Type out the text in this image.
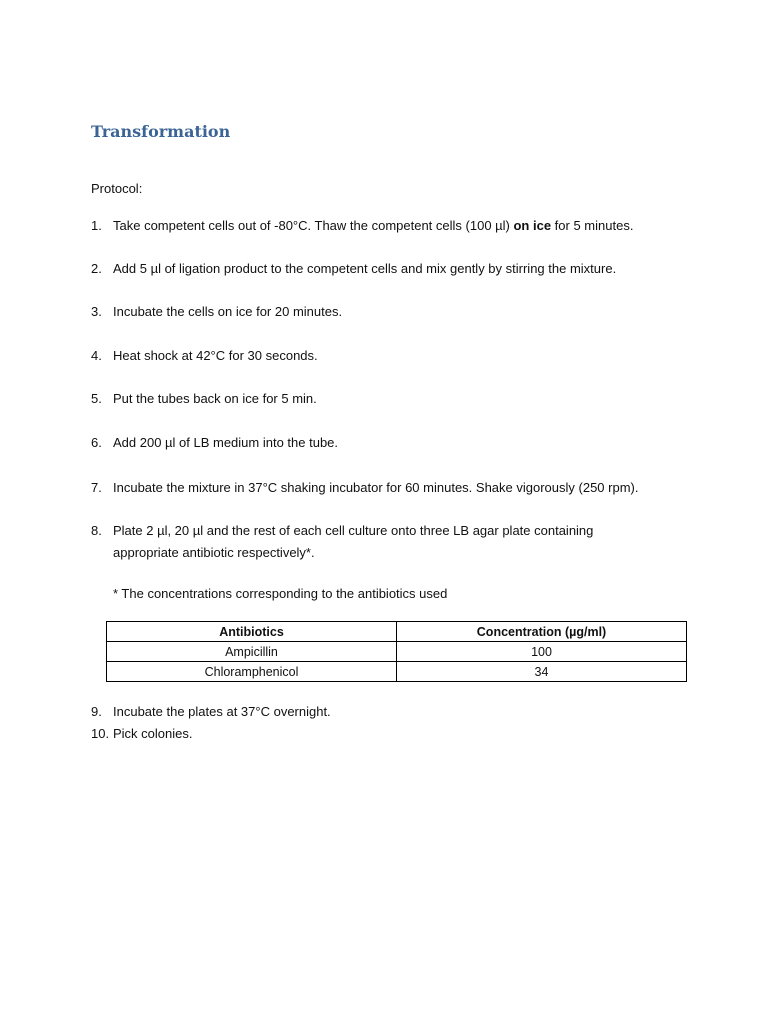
Transformation
Protocol:
1. Take competent cells out of -80°C. Thaw the competent cells (100 µl) on ice for 5 minutes.
2. Add 5 µl of ligation product to the competent cells and mix gently by stirring the mixture.
3. Incubate the cells on ice for 20 minutes.
4. Heat shock at 42°C for 30 seconds.
5. Put the tubes back on ice for 5 min.
6. Add 200 µl of LB medium into the tube.
7. Incubate the mixture in 37°C shaking incubator for 60 minutes. Shake vigorously (250 rpm).
8. Plate 2 µl, 20 µl and the rest of each cell culture onto three LB agar plate containing
appropriate antibiotic respectively*.
* The concentrations corresponding to the antibiotics used
Antibiotics	Concentration (µg/ml)
Ampicillin	100
Chloramphenicol	34
9. Incubate the plates at 37°C overnight.
10. Pick colonies.
